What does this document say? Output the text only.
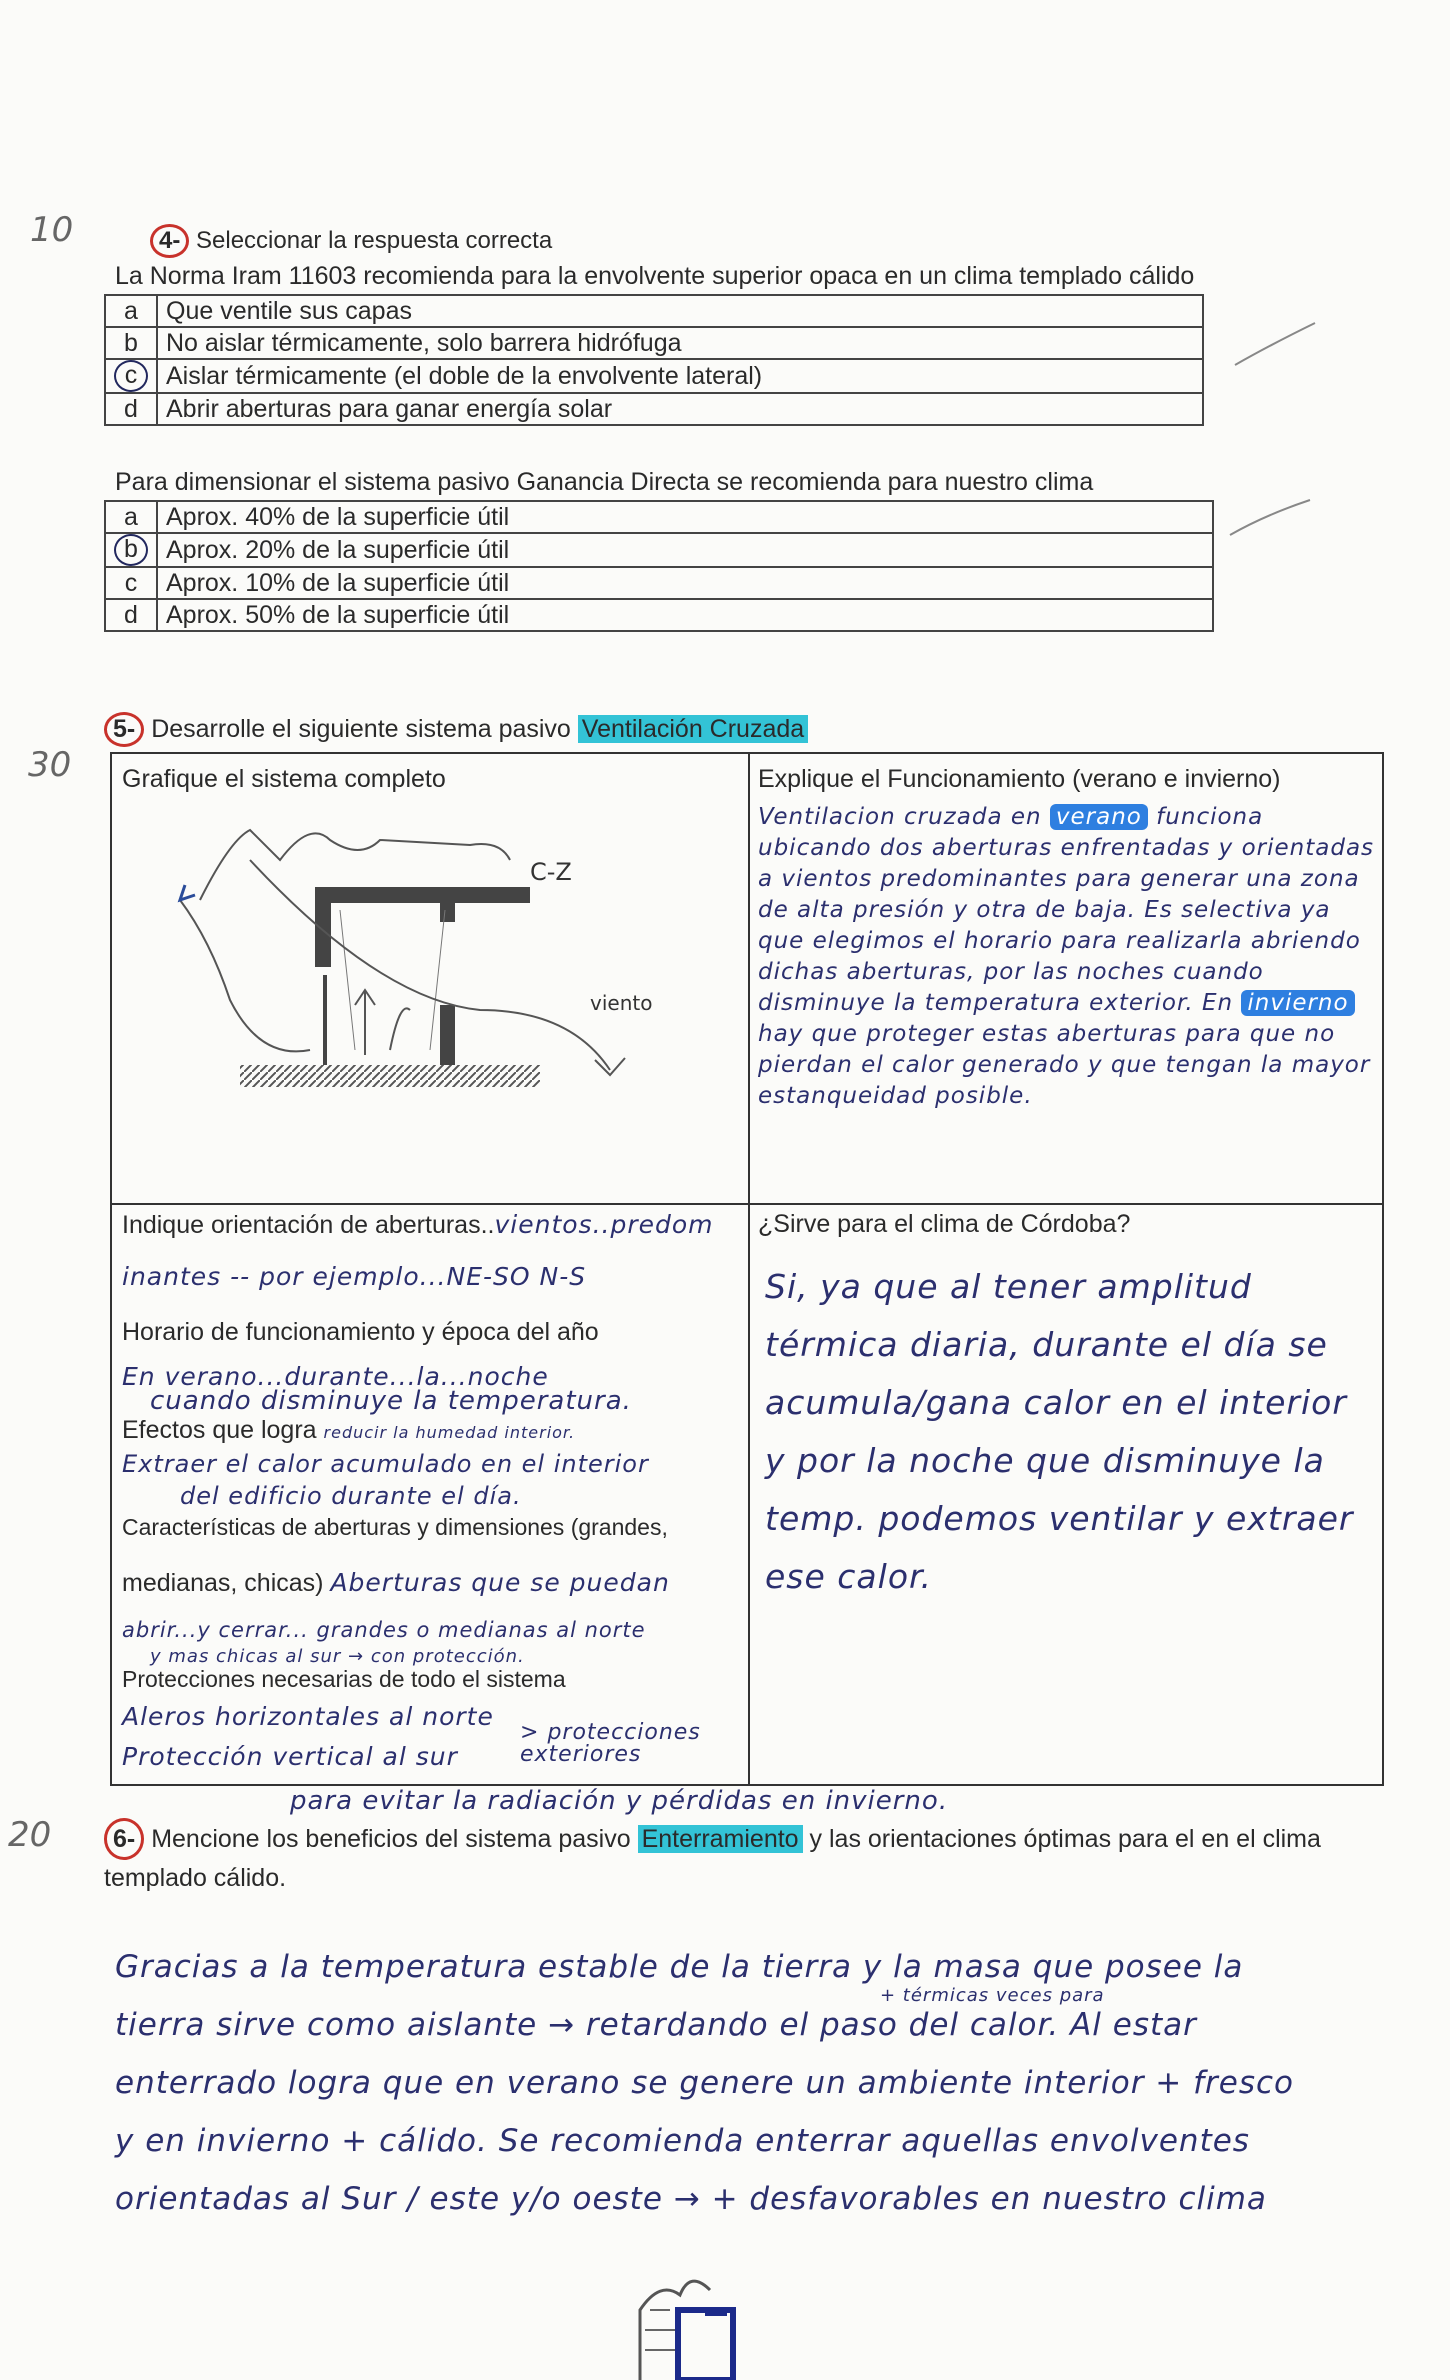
10
30
20
4- Seleccionar la respuesta correcta
La Norma Iram 11603 recomienda para la envolvente superior opaca en un clima templado cálido
a	Que ventile sus capas
b	No aislar térmicamente, solo barrera hidrófuga
c	Aislar térmicamente (el doble de la envolvente lateral)
d	Abrir aberturas para ganar energía solar
Para dimensionar el sistema pasivo Ganancia Directa se recomienda para nuestro clima
a	Aprox. 40% de la superficie útil
b	Aprox. 20% de la superficie útil
c	Aprox. 10% de la superficie útil
d	Aprox. 50% de la superficie útil
5- Desarrolle el siguiente sistema pasivo Ventilación Cruzada
Grafique el sistema completo	Explique el Funcionamiento (verano e invierno)
C-Z
viento
Ventilacion cruzada en verano funciona ubicando dos aberturas enfrentadas y orientadas a vientos predominantes para generar una zona de alta presión y otra de baja. Es selectiva ya que elegimos el horario para realizarla abriendo dichas aberturas, por las noches cuando disminuye la temperatura exterior. En invierno hay que proteger estas aberturas para que no pierdan el calor generado y que tengan la mayor estanqueidad posible.
Indique orientación de aberturas..vientos..predom
inantes -- por ejemplo...NE-SO N-S
Horario de funcionamiento y época del año
En verano...durante...la...noche
cuando disminuye la temperatura.
Efectos que logra reducir la humedad interior.
Extraer el calor acumulado en el interior
del edificio durante el día.
Características de aberturas y dimensiones (grandes,
medianas, chicas) Aberturas que se puedan
abrir...y cerrar... grandes o medianas al norte
y mas chicas al sur → con protección.
Protecciones necesarias de todo el sistema
Aleros horizontales al norte
Protección vertical al sur
> protecciones exteriores
¿Sirve para el clima de Córdoba?
Si, ya que al tener amplitud térmica diaria, durante el día se acumula/gana calor en el interior y por la noche que disminuye la temp. podemos ventilar y extraer ese calor.
para evitar la radiación y pérdidas en invierno.
6- Mencione los beneficios del sistema pasivo Enterramiento y las orientaciones óptimas para el en el clima templado cálido.
+ térmicas veces para
Gracias a la temperatura estable de la tierra y la masa que posee la
tierra sirve como aislante → retardando el paso del calor. Al estar
enterrado logra que en verano se genere un ambiente interior + fresco
y en invierno + cálido. Se recomienda enterrar aquellas envolventes
orientadas al Sur / este y/o oeste → + desfavorables en nuestro clima
